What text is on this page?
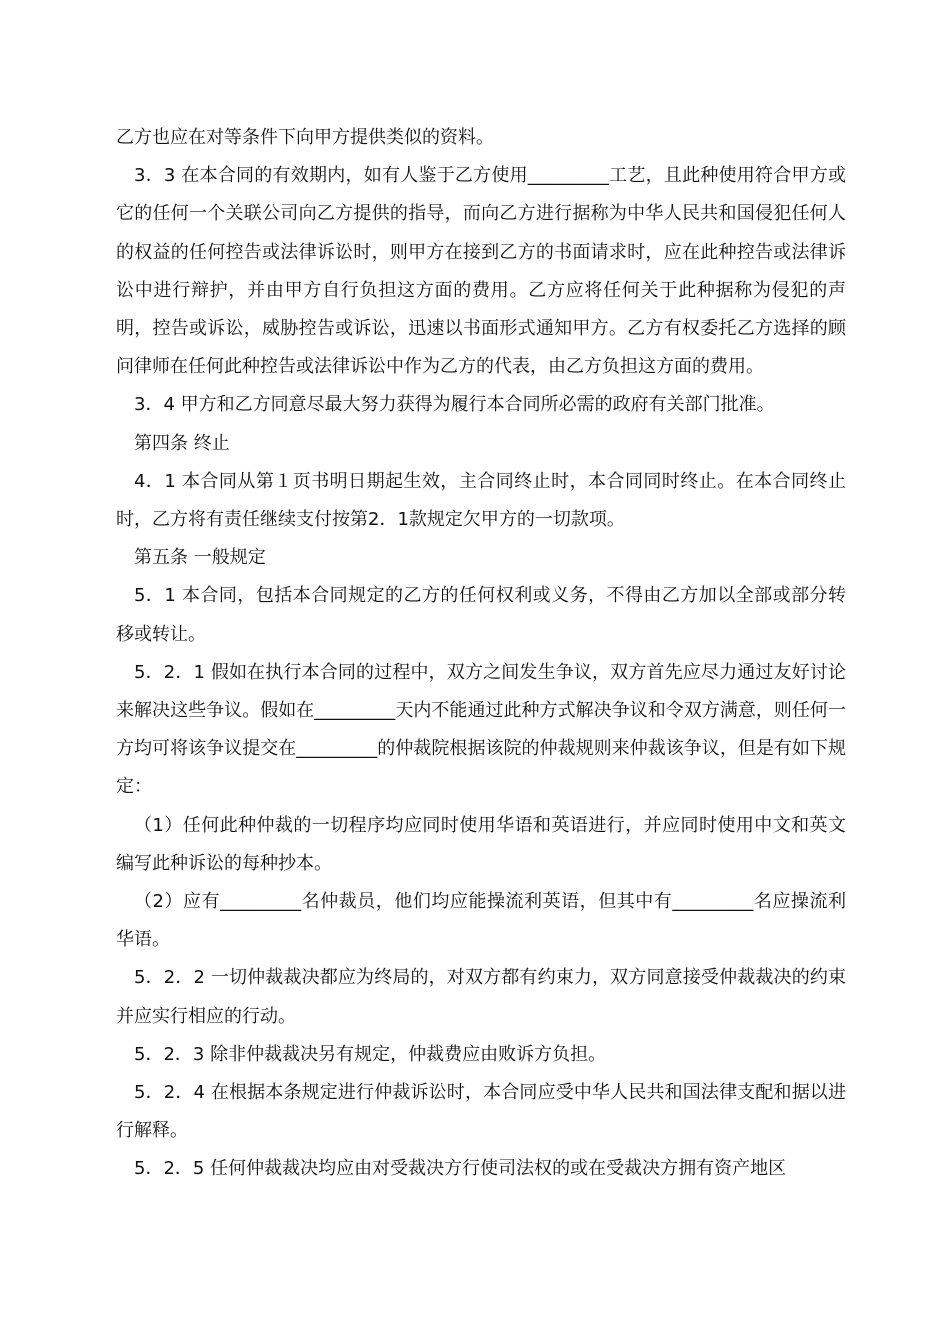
乙方也应在对等条件下向甲方提供类似的资料。

3．3 在本合同的有效期内，如有人鉴于乙方使用_________工艺，且此种使用符合甲方或它的任何一个关联公司向乙方提供的指导，而向乙方进行据称为中华人民共和国侵犯任何人的权益的任何控告或法律诉讼时，则甲方在接到乙方的书面请求时，应在此种控告或法律诉讼中进行辩护，并由甲方自行负担这方面的费用。乙方应将任何关于此种据称为侵犯的声明，控告或诉讼，威胁控告或诉讼，迅速以书面形式通知甲方。乙方有权委托乙方选择的顾问律师在任何此种控告或法律诉讼中作为乙方的代表，由乙方负担这方面的费用。

3．4 甲方和乙方同意尽最大努力获得为履行本合同所必需的政府有关部门批准。

第四条 终止

4．1 本合同从第１页书明日期起生效，主合同终止时，本合同同时终止。在本合同终止时，乙方将有责任继续支付按第2．1款规定欠甲方的一切款项。

第五条 一般规定

5．1 本合同，包括本合同规定的乙方的任何权利或义务，不得由乙方加以全部或部分转移或转让。

5．2．1 假如在执行本合同的过程中，双方之间发生争议，双方首先应尽力通过友好讨论来解决这些争议。假如在_________天内不能通过此种方式解决争议和令双方满意，则任何一方均可将该争议提交在_________的仲裁院根据该院的仲裁规则来仲裁该争议，但是有如下规定：

（1）任何此种仲裁的一切程序均应同时使用华语和英语进行，并应同时使用中文和英文编写此种诉讼的每种抄本。

（2）应有_________名仲裁员，他们均应能操流利英语，但其中有_________名应操流利华语。

5．2．2 一切仲裁裁决都应为终局的，对双方都有约束力，双方同意接受仲裁裁决的约束并应实行相应的行动。

5．2．3 除非仲裁裁决另有规定，仲裁费应由败诉方负担。

5．2．4 在根据本条规定进行仲裁诉讼时，本合同应受中华人民共和国法律支配和据以进行解释。

5．2．5 任何仲裁裁决均应由对受裁决方行使司法权的或在受裁决方拥有资产地区
